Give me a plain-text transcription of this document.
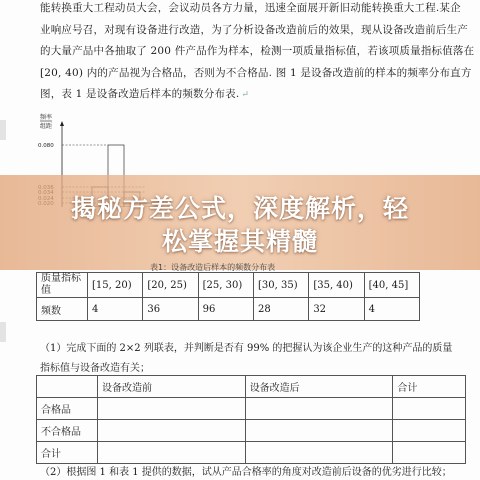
能转换重大工程动员大会，会议动员各方力量，迅速全面展开新旧动能转换重大工程.某企

业响应号召，对现有设备进行改造，为了分析设备改造前后的效果，现从设备改造前后生产

的大量产品中各抽取了 200 件产品作为样本，检测一项质量指标值，若该项质量指标值落在

[20, 40) 内的产品视为合格品，否则为不合格品. 图 1 是设备改造前的样本的频率分布直方

图，表 1 是设备改造后样本的频数分布表. ↵

频率
组距
0.080
揭秘方差公式，深度解析，轻
松掌握其精髓
表1：设备改造后样本的频数分布表
质量指标值	[15, 20)	[20, 25)	[25, 30)	[30, 35)	[35, 40)	[40, 45]
频数	4	36	96	28	32	4

（1）完成下面的 2×2 列联表，并判断是否有 99% 的把握认为该企业生产的这种产品的质量

指标值与设备改造有关；

	设备改造前	设备改造后	合计
合格品			
不合格品			
合计			
（2）根据图 1 和表 1 提供的数据，试从产品合格率的角度对改造前后设备的优劣进行比较；
